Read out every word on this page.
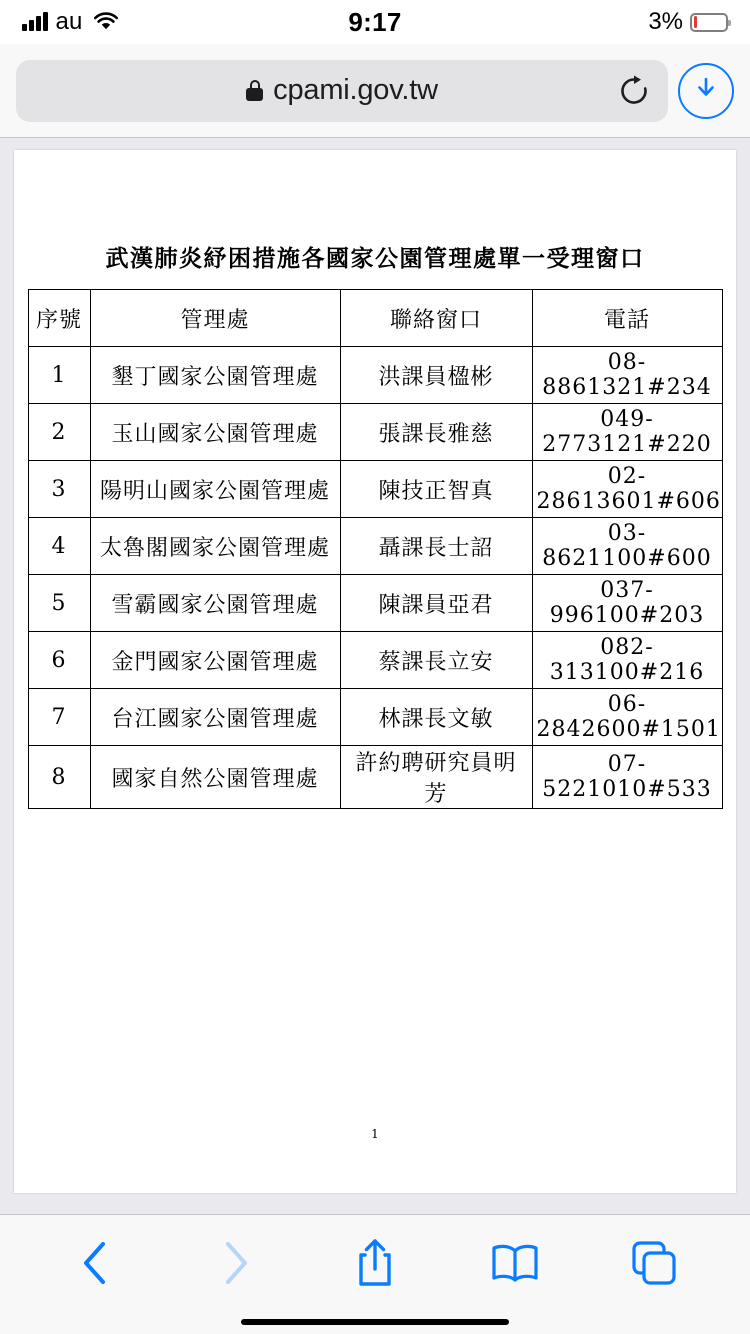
au	9:17	3%
cpami.gov.tw
武漢肺炎紓困措施各國家公園管理處單一受理窗口
序號	管理處	聯絡窗口	電話
1	墾丁國家公園管理處	洪課員楹彬	08-8861321#234
2	玉山國家公園管理處	張課長雅慈	049-2773121#220
3	陽明山國家公園管理處	陳技正智真	02-28613601#606
4	太魯閣國家公園管理處	聶課長士詔	03-8621100#600
5	雪霸國家公園管理處	陳課員亞君	037-996100#203
6	金門國家公園管理處	蔡課長立安	082-313100#216
7	台江國家公園管理處	林課長文敏	06-2842600#1501
8	國家自然公園管理處	許約聘研究員明芳	07-5221010#533
1
